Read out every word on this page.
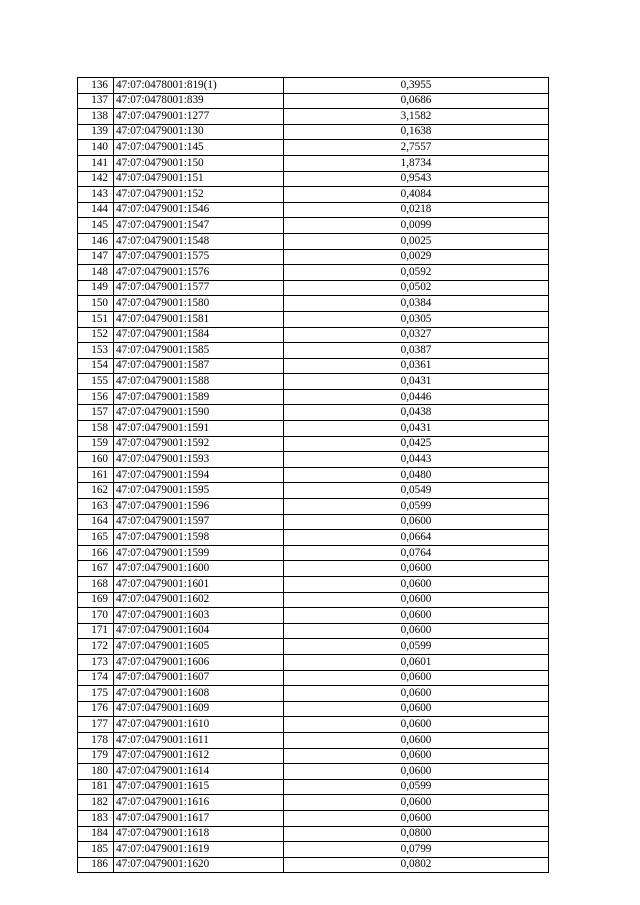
136	47:07:0478001:819(1)	0,3955
137	47:07:0478001:839	0,0686
138	47:07:0479001:1277	3,1582
139	47:07:0479001:130	0,1638
140	47:07:0479001:145	2,7557
141	47:07:0479001:150	1,8734
142	47:07:0479001:151	0,9543
143	47:07:0479001:152	0,4084
144	47:07:0479001:1546	0,0218
145	47:07:0479001:1547	0,0099
146	47:07:0479001:1548	0,0025
147	47:07:0479001:1575	0,0029
148	47:07:0479001:1576	0,0592
149	47:07:0479001:1577	0,0502
150	47:07:0479001:1580	0,0384
151	47:07:0479001:1581	0,0305
152	47:07:0479001:1584	0,0327
153	47:07:0479001:1585	0,0387
154	47:07:0479001:1587	0,0361
155	47:07:0479001:1588	0,0431
156	47:07:0479001:1589	0,0446
157	47:07:0479001:1590	0,0438
158	47:07:0479001:1591	0,0431
159	47:07:0479001:1592	0,0425
160	47:07:0479001:1593	0,0443
161	47:07:0479001:1594	0,0480
162	47:07:0479001:1595	0,0549
163	47:07:0479001:1596	0,0599
164	47:07:0479001:1597	0,0600
165	47:07:0479001:1598	0,0664
166	47:07:0479001:1599	0,0764
167	47:07:0479001:1600	0,0600
168	47:07:0479001:1601	0,0600
169	47:07:0479001:1602	0,0600
170	47:07:0479001:1603	0,0600
171	47:07:0479001:1604	0,0600
172	47:07:0479001:1605	0,0599
173	47:07:0479001:1606	0,0601
174	47:07:0479001:1607	0,0600
175	47:07:0479001:1608	0,0600
176	47:07:0479001:1609	0,0600
177	47:07:0479001:1610	0,0600
178	47:07:0479001:1611	0,0600
179	47:07:0479001:1612	0,0600
180	47:07:0479001:1614	0,0600
181	47:07:0479001:1615	0,0599
182	47:07:0479001:1616	0,0600
183	47:07:0479001:1617	0,0600
184	47:07:0479001:1618	0,0800
185	47:07:0479001:1619	0,0799
186	47:07:0479001:1620	0,0802
